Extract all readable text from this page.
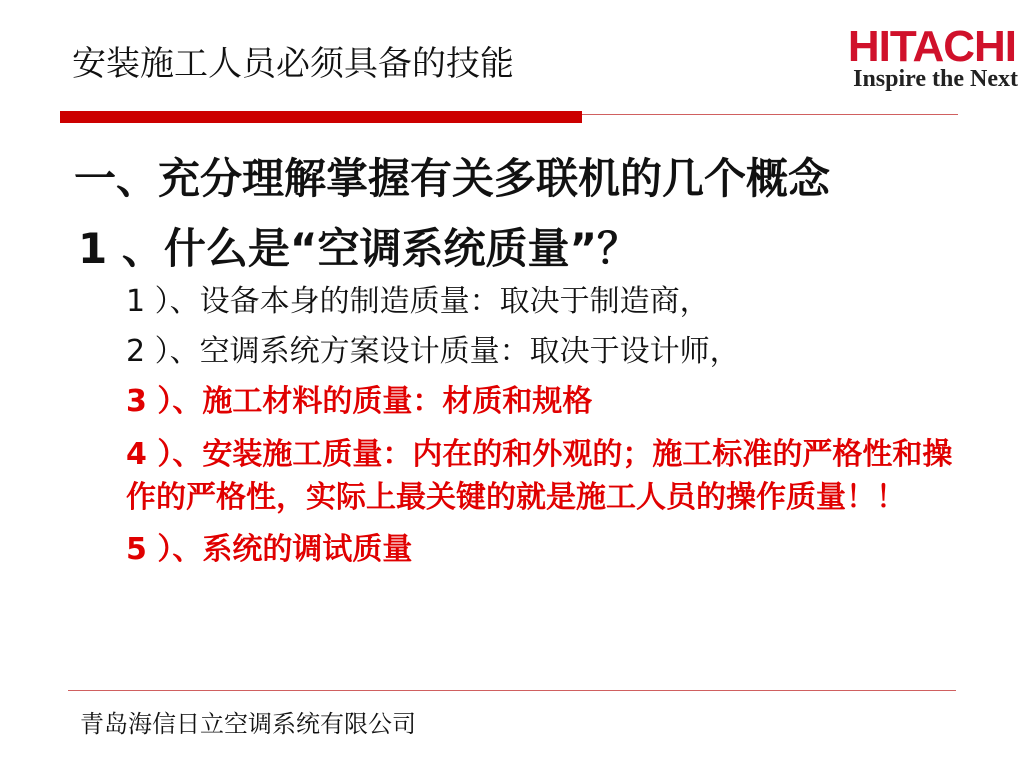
安装施工人员必须具备的技能	HITACHI
Inspire the Next
一、充分理解掌握有关多联机的几个概念
1 、什么是“空调系统质量”？
1 ）、设备本身的制造质量：取决于制造商，
2 ）、空调系统方案设计质量：取决于设计师，
3 ）、施工材料的质量：材质和规格
4 ）、安装施工质量：内在的和外观的；施工标准的严格性和操作的严格性，实际上最关键的就是施工人员的操作质量！！
5 ）、系统的调试质量
青岛海信日立空调系统有限公司
